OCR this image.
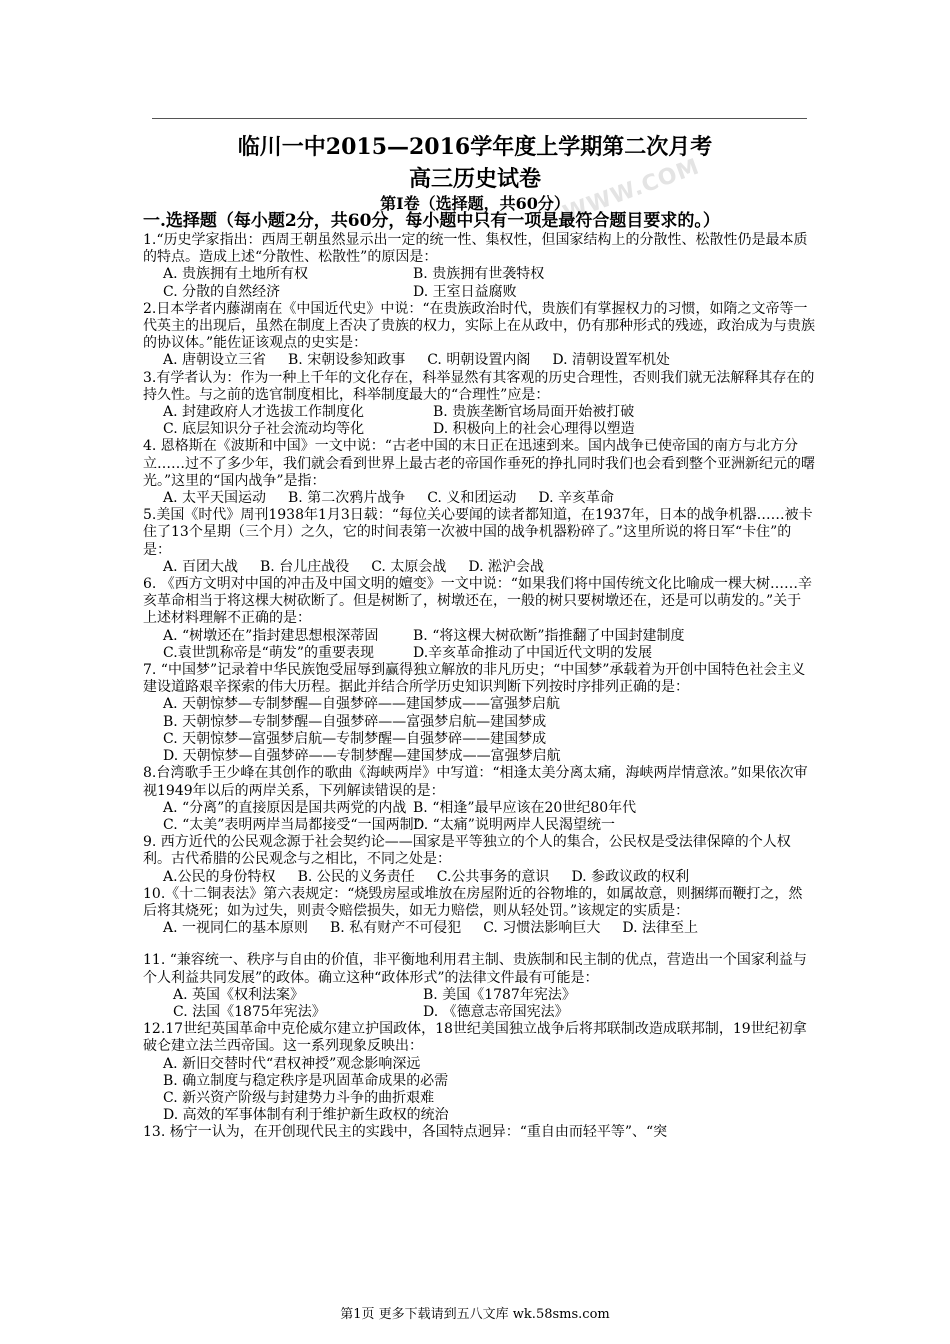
临川一中2015—2016学年度上学期第二次月考
高三历史试卷
第Ⅰ卷（选择题，共60分）
WWW.COM

一.选择题（每小题2分，共60分，每小题中只有一项是最符合题目要求的。）

1.“历史学家指出：西周王朝虽然显示出一定的统一性、集权性，但国家结构上的分散性、松散性仍是最本质的特点。造成上述“分散性、松散性”的原因是：

A. 贵族拥有土地所有权	B. 贵族拥有世袭特权
C. 分散的自然经济	D. 王室日益腐败

2.日本学者内藤湖南在《中国近代史》中说：“在贵族政治时代，贵族们有掌握权力的习惯，如隋之文帝等一代英主的出现后，虽然在制度上否决了贵族的权力，实际上在从政中，仍有那种形式的残迹，政治成为与贵族的协议体。”能佐证该观点的史实是：

A. 唐朝设立三省 B. 宋朝设参知政事 C. 明朝设置内阁 D. 清朝设置军机处

3.有学者认为：作为一种上千年的文化存在，科举显然有其客观的历史合理性，否则我们就无法解释其存在的持久性。与之前的选官制度相比，科举制度最大的“合理性”应是：

A. 封建政府人才选拔工作制度化	B. 贵族垄断官场局面开始被打破
C. 底层知识分子社会流动均等化	D. 积极向上的社会心理得以塑造

4. 恩格斯在《波斯和中国》一文中说：“古老中国的末日正在迅速到来。国内战争已使帝国的南方与北方分立……过不了多少年，我们就会看到世界上最古老的帝国作垂死的挣扎同时我们也会看到整个亚洲新纪元的曙光。”这里的“国内战争”是指：

A. 太平天国运动 B. 第二次鸦片战争 C. 义和团运动 D. 辛亥革命

5.美国《时代》周刊1938年1月3日载：“每位关心要闻的读者都知道，在1937年，日本的战争机器……被卡住了13个星期（三个月）之久，它的时间表第一次被中国的战争机器粉碎了。”这里所说的将日军“卡住”的是：

A. 百团大战 B. 台儿庄战役 C. 太原会战 D. 淞沪会战

6. 《西方文明对中国的冲击及中国文明的嬗变》一文中说：“如果我们将中国传统文化比喻成一棵大树……辛亥革命相当于将这棵大树砍断了。但是树断了，树墩还在，一般的树只要树墩还在，还是可以萌发的。”关于上述材料理解不正确的是：

A. “树墩还在”指封建思想根深蒂固	B. “将这棵大树砍断”指推翻了中国封建制度
C.袁世凯称帝是“萌发”的重要表现	D.辛亥革命推动了中国近代文明的发展

7. “中国梦”记录着中华民族饱受屈辱到赢得独立解放的非凡历史；“中国梦”承载着为开创中国特色社会主义建设道路艰辛探索的伟大历程。据此并结合所学历史知识判断下列按时序排列正确的是：

A. 天朝惊梦—专制梦醒—自强梦碎——建国梦成——富强梦启航
B. 天朝惊梦—专制梦醒—自强梦碎——富强梦启航—建国梦成
C. 天朝惊梦—富强梦启航—专制梦醒—自强梦碎——建国梦成
D. 天朝惊梦—自强梦碎——专制梦醒—建国梦成——富强梦启航

8.台湾歌手王少峰在其创作的歌曲《海峡两岸》中写道：“相逢太美分离太痛，海峡两岸情意浓。”如果依次审视1949年以后的两岸关系，下列解读错误的是：

A. “分离”的直接原因是国共两党的内战 B. “相逢”最早应该在20世纪80年代
C. “太美”表明两岸当局都接受“一国两制”
D. “太痛”说明两岸人民渴望统一

9. 西方近代的公民观念源于社会契约论——国家是平等独立的个人的集合，公民权是受法律保障的个人权利。古代希腊的公民观念与之相比，不同之处是：

A.公民的身份特权 B. 公民的义务责任 C.公共事务的意识 D. 参政议政的权利

10.《十二铜表法》第六表规定：“烧毁房屋或堆放在房屋附近的谷物堆的，如属故意，则捆绑而鞭打之，然后将其烧死；如为过失，则责令赔偿损失，如无力赔偿，则从轻处罚。”该规定的实质是：

A. 一视同仁的基本原则 B. 私有财产不可侵犯 C. 习惯法影响巨大 D. 法律至上

11. “兼容统一、秩序与自由的价值，非平衡地利用君主制、贵族制和民主制的优点，营造出一个国家利益与个人利益共同发展”的政体。确立这种“政体形式”的法律文件最有可能是：

A. 英国《权利法案》	B. 美国《1787年宪法》
C. 法国《1875年宪法》	D. 《德意志帝国宪法》

12.17世纪英国革命中克伦威尔建立护国政体，18世纪美国独立战争后将邦联制改造成联邦制，19世纪初拿破仑建立法兰西帝国。这一系列现象反映出：

A. 新旧交替时代“君权神授”观念影响深远
B. 确立制度与稳定秩序是巩固革命成果的必需
C. 新兴资产阶级与封建势力斗争的曲折艰难
D. 高效的军事体制有利于维护新生政权的统治

13. 杨宁一认为，在开创现代民主的实践中，各国特点迥异：“重自由而轻平等”、“突

第1页 更多下载请到五八文库 wk.58sms.com
